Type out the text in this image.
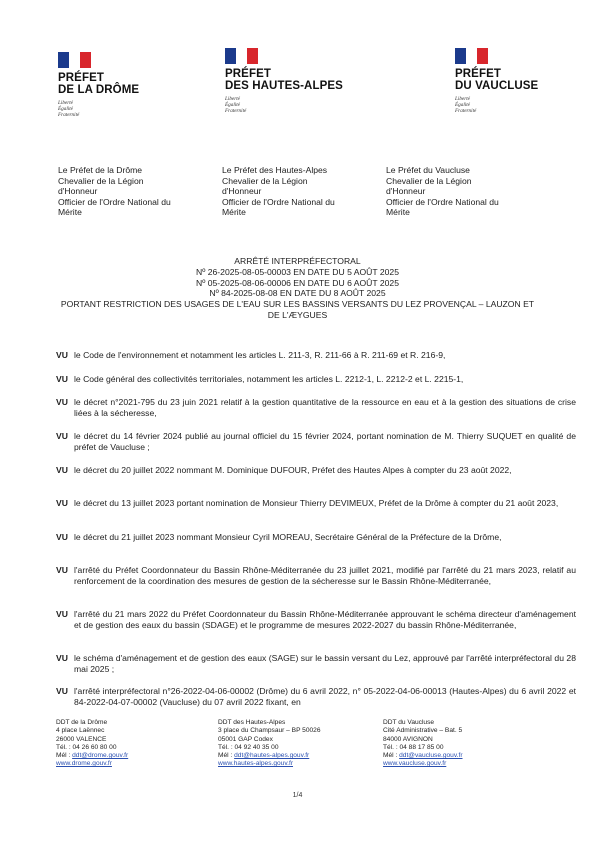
PRÉFET
DE LA DRÔME
Liberté
Égalité
Fraternité
PRÉFET
DES HAUTES-ALPES
Liberté
Égalité
Fraternité
PRÉFET
DU VAUCLUSE
Liberté
Égalité
Fraternité
Le Préfet de la Drôme
Chevalier de la Légion
d'Honneur
Officier de l'Ordre National du
Mérite
Le Préfet des Hautes-Alpes
Chevalier de la Légion
d'Honneur
Officier de l'Ordre National du
Mérite
Le Préfet du Vaucluse
Chevalier de la Légion
d'Honneur
Officier de l'Ordre National du
Mérite
ARRÊTÉ INTERPRÉFECTORAL
Nº 26-2025-08-05-00003 EN DATE DU 5 AOÛT 2025
Nº 05-2025-08-06-00006 EN DATE DU 6 AOÛT 2025
Nº 84-2025-08-08 EN DATE DU 8 AOÛT 2025
PORTANT RESTRICTION DES USAGES DE L'EAU SUR LES BASSINS VERSANTS DU LEZ PROVENÇAL – LAUZON ET DE L'ÆYGUES
VU le Code de l'environnement et notamment les articles L. 211-3, R. 211-66 à R. 211-69 et R. 216-9,
VU le Code général des collectivités territoriales, notamment les articles L. 2212-1, L. 2212-2 et L. 2215-1,
VU le décret n°2021-795 du 23 juin 2021 relatif à la gestion quantitative de la ressource en eau et à la gestion des situations de crise liées à la sécheresse,
VU le décret du 14 février 2024 publié au journal officiel du 15 février 2024, portant nomination de M. Thierry SUQUET en qualité de préfet de Vaucluse ;
VU le décret du 20 juillet 2022 nommant M. Dominique DUFOUR, Préfet des Hautes Alpes à compter du 23 août 2022,
VU le décret du 13 juillet 2023 portant nomination de Monsieur Thierry DEVIMEUX, Préfet de la Drôme à compter du 21 août 2023,
VU le décret du 21 juillet 2023 nommant Monsieur Cyril MOREAU, Secrétaire Général de la Préfecture de la Drôme,
VU l'arrêté du Préfet Coordonnateur du Bassin Rhône-Méditerranée du 23 juillet 2021, modifié par l'arrêté du 21 mars 2023, relatif au renforcement de la coordination des mesures de gestion de la sécheresse sur le Bassin Rhône-Méditerranée,
VU l'arrêté du 21 mars 2022 du Préfet Coordonnateur du Bassin Rhône-Méditerranée approuvant le schéma directeur d'aménagement et de gestion des eaux du bassin (SDAGE) et le programme de mesures 2022-2027 du bassin Rhône-Méditerranée,
VU le schéma d'aménagement et de gestion des eaux (SAGE) sur le bassin versant du Lez, approuvé par l'arrêté interpréfectoral du 28 mai 2025 ;
VU l'arrêté interpréfectoral n°26-2022-04-06-00002 (Drôme) du 6 avril 2022, n° 05-2022-04-06-00013 (Hautes-Alpes) du 6 avril 2022 et 84-2022-04-07-00002 (Vaucluse) du 07 avril 2022 fixant, en
DDT de la Drôme
4 place Laënnec
26000 VALENCE
Tél. : 04 26 60 80 00
Mél : ddt@drome.gouv.fr
www.drome.gouv.fr
DDT des Hautes-Alpes
3 place du Champsaur – BP 50026
05001 GAP Codex
Tél. : 04 92 40 35 00
Mél : ddt@hautes-alpes.gouv.fr
www.hautes-alpes.gouv.fr
DDT du Vaucluse
Cité Administrative – Bat. 5
84000 AVIGNON
Tél. : 04 88 17 85 00
Mél : ddt@vaucluse.gouv.fr
www.vaucluse.gouv.fr
1/4
